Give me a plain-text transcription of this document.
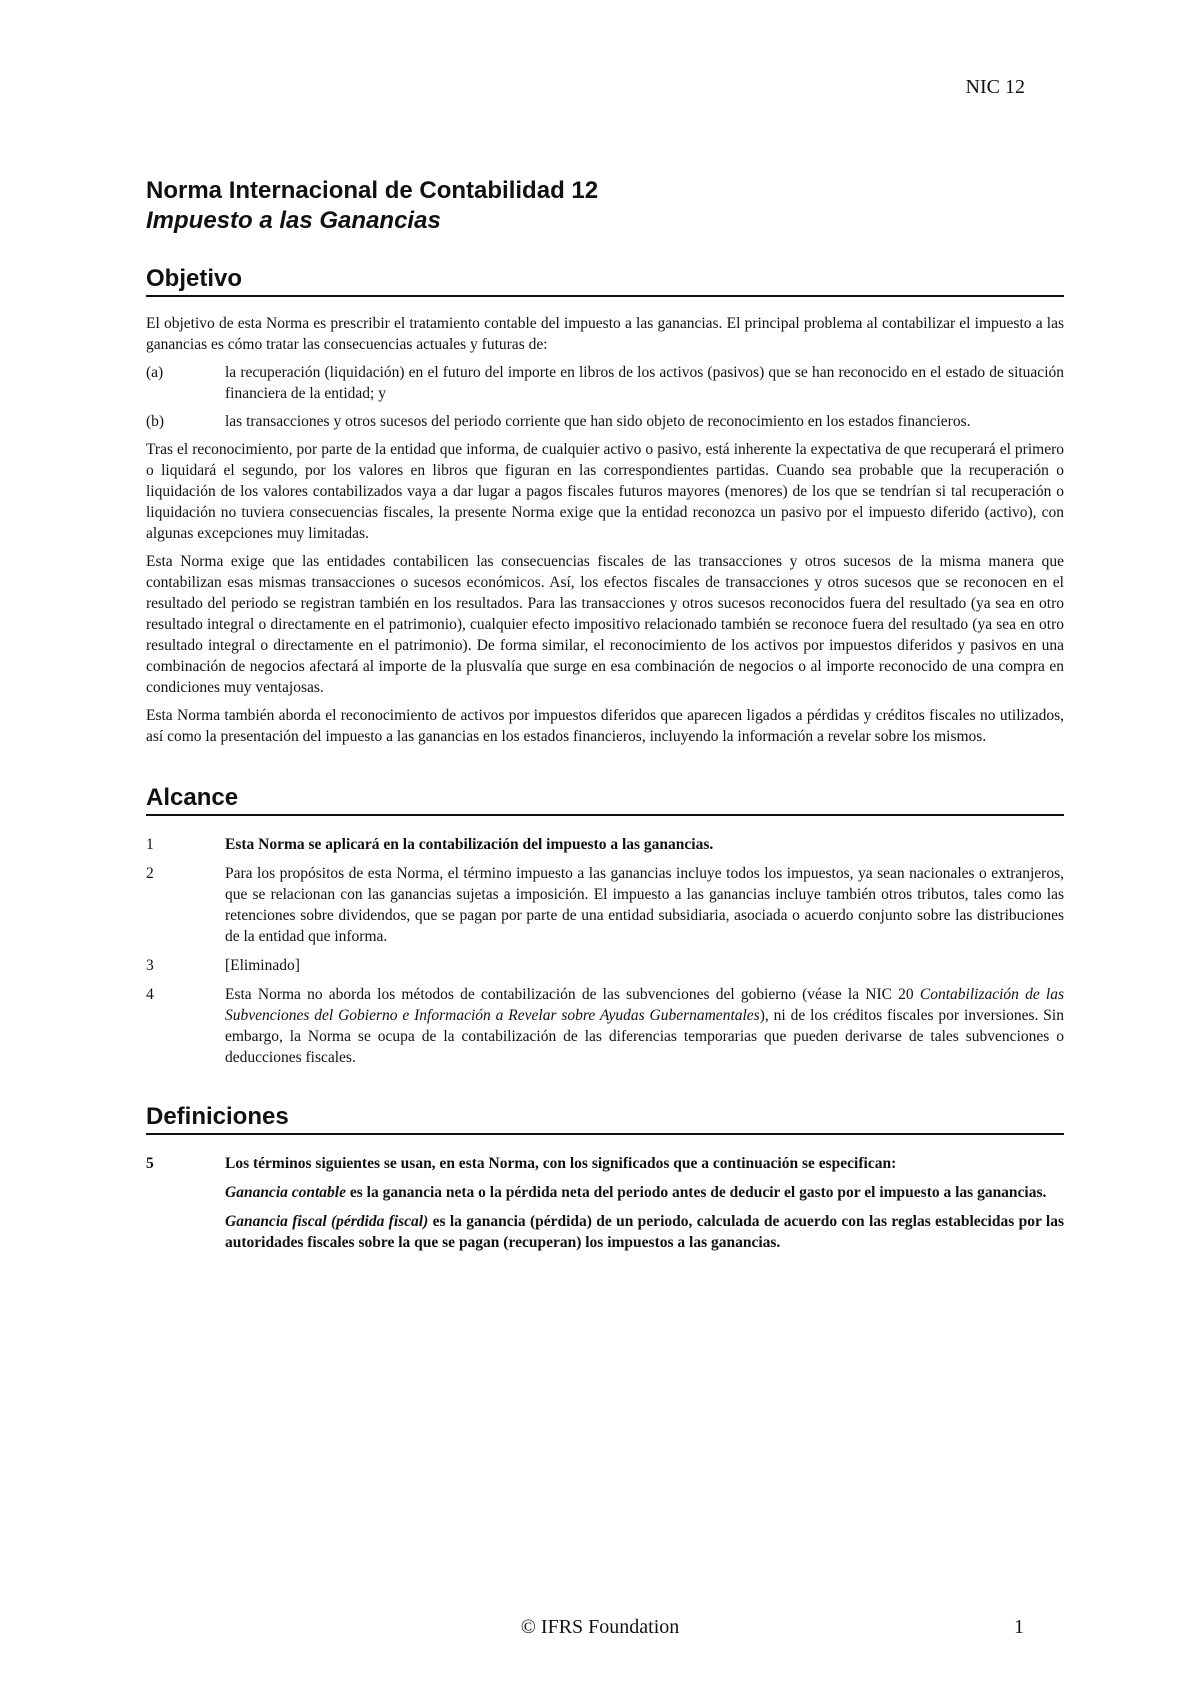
NIC 12
Norma Internacional de Contabilidad 12
Impuesto a las Ganancias
Objetivo

El objetivo de esta Norma es prescribir el tratamiento contable del impuesto a las ganancias. El principal problema al contabilizar el impuesto a las ganancias es cómo tratar las consecuencias actuales y futuras de:

(a)	la recuperación (liquidación) en el futuro del importe en libros de los activos (pasivos) que se han reconocido en el estado de situación financiera de la entidad; y
(b)	las transacciones y otros sucesos del periodo corriente que han sido objeto de reconocimiento en los estados financieros.

Tras el reconocimiento, por parte de la entidad que informa, de cualquier activo o pasivo, está inherente la expectativa de que recuperará el primero o liquidará el segundo, por los valores en libros que figuran en las correspondientes partidas. Cuando sea probable que la recuperación o liquidación de los valores contabilizados vaya a dar lugar a pagos fiscales futuros mayores (menores) de los que se tendrían si tal recuperación o liquidación no tuviera consecuencias fiscales, la presente Norma exige que la entidad reconozca un pasivo por el impuesto diferido (activo), con algunas excepciones muy limitadas.

Esta Norma exige que las entidades contabilicen las consecuencias fiscales de las transacciones y otros sucesos de la misma manera que contabilizan esas mismas transacciones o sucesos económicos. Así, los efectos fiscales de transacciones y otros sucesos que se reconocen en el resultado del periodo se registran también en los resultados. Para las transacciones y otros sucesos reconocidos fuera del resultado (ya sea en otro resultado integral o directamente en el patrimonio), cualquier efecto impositivo relacionado también se reconoce fuera del resultado (ya sea en otro resultado integral o directamente en el patrimonio). De forma similar, el reconocimiento de los activos por impuestos diferidos y pasivos en una combinación de negocios afectará al importe de la plusvalía que surge en esa combinación de negocios o al importe reconocido de una compra en condiciones muy ventajosas.

Esta Norma también aborda el reconocimiento de activos por impuestos diferidos que aparecen ligados a pérdidas y créditos fiscales no utilizados, así como la presentación del impuesto a las ganancias en los estados financieros, incluyendo la información a revelar sobre los mismos.

Alcance
1	Esta Norma se aplicará en la contabilización del impuesto a las ganancias.
2	Para los propósitos de esta Norma, el término impuesto a las ganancias incluye todos los impuestos, ya sean nacionales o extranjeros, que se relacionan con las ganancias sujetas a imposición. El impuesto a las ganancias incluye también otros tributos, tales como las retenciones sobre dividendos, que se pagan por parte de una entidad subsidiaria, asociada o acuerdo conjunto sobre las distribuciones de la entidad que informa.
3	[Eliminado]
4	Esta Norma no aborda los métodos de contabilización de las subvenciones del gobierno (véase la NIC 20 Contabilización de las Subvenciones del Gobierno e Información a Revelar sobre Ayudas Gubernamentales), ni de los créditos fiscales por inversiones. Sin embargo, la Norma se ocupa de la contabilización de las diferencias temporarias que pueden derivarse de tales subvenciones o deducciones fiscales.
Definiciones
5	Los términos siguientes se usan, en esta Norma, con los significados que a continuación se especifican:

Ganancia contable es la ganancia neta o la pérdida neta del periodo antes de deducir el gasto por el impuesto a las ganancias.

Ganancia fiscal (pérdida fiscal) es la ganancia (pérdida) de un periodo, calculada de acuerdo con las reglas establecidas por las autoridades fiscales sobre la que se pagan (recuperan) los impuestos a las ganancias.

© IFRS Foundation	1
